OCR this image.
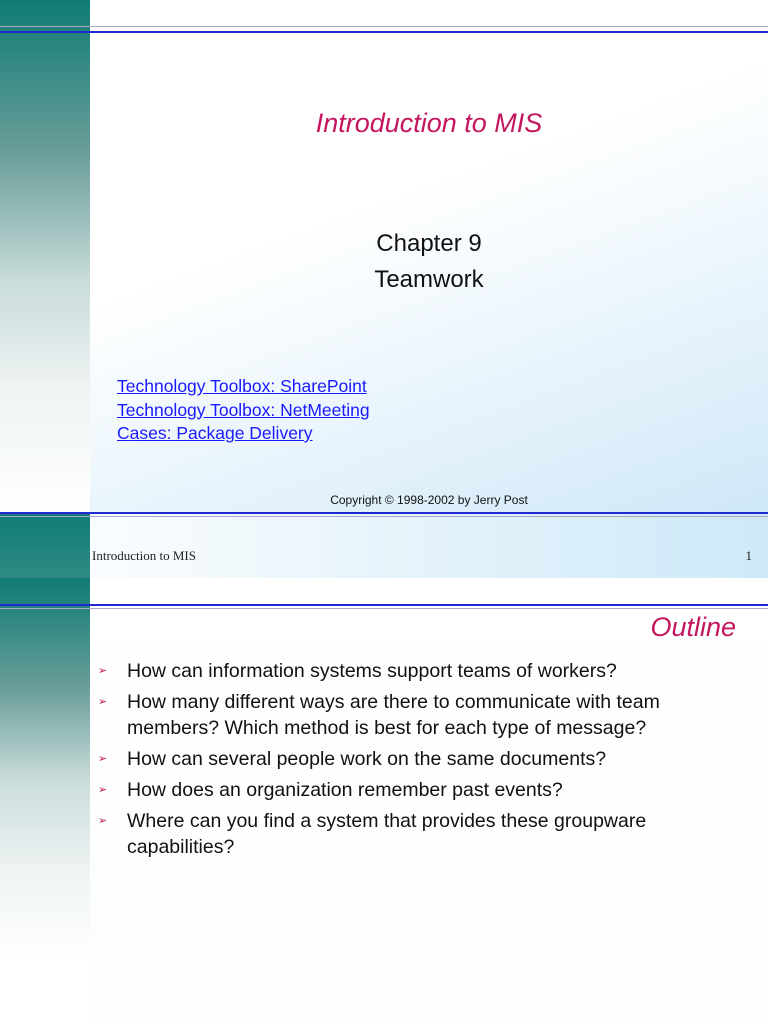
Introduction to MIS
Chapter 9
Teamwork
Technology Toolbox: SharePoint
Technology Toolbox: NetMeeting
Cases: Package Delivery
Copyright © 1998-2002 by Jerry Post
Introduction to MIS	1
Outline
➢ How can information systems support teams of workers?
➢ How many different ways are there to communicate with team members? Which method is best for each type of message?
➢ How can several people work on the same documents?
➢ How does an organization remember past events?
➢ Where can you find a system that provides these groupware capabilities?
